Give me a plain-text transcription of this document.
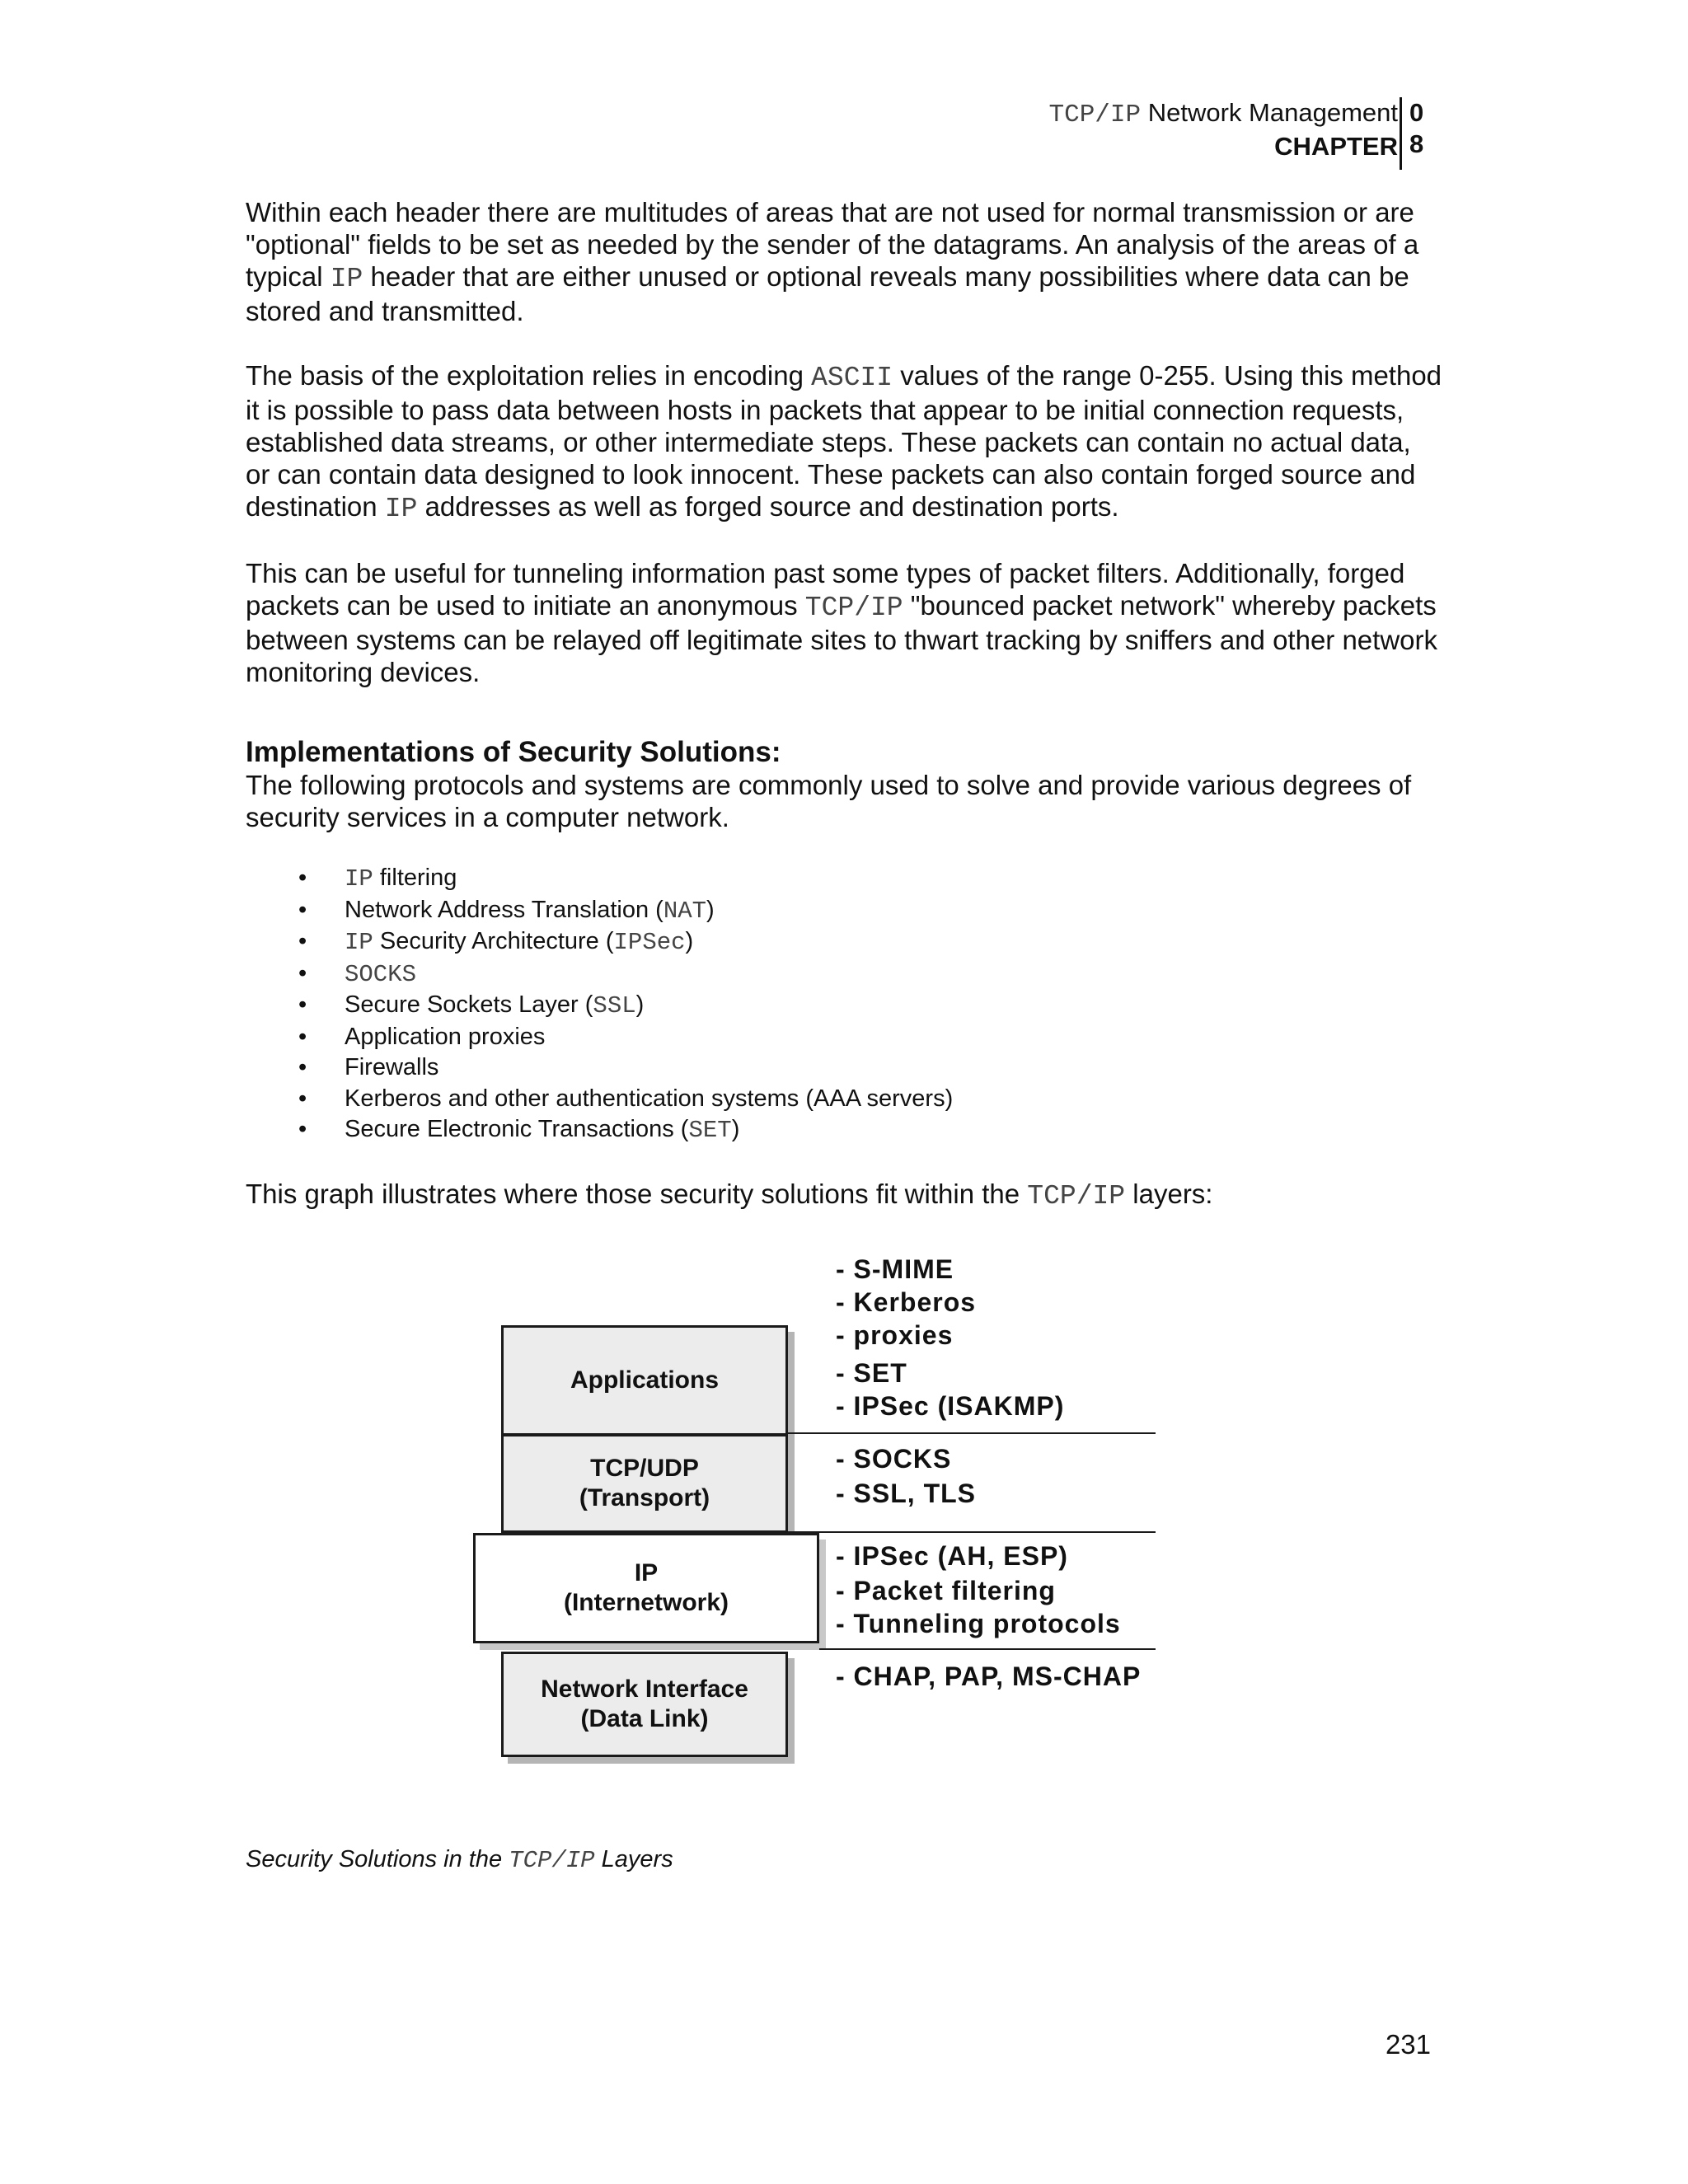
TCP/IP Network Management
CHAPTER
0
8

Within each header there are multitudes of areas that are not used for normal transmission or are "optional" fields to be set as needed by the sender of the datagrams. An analysis of the areas of a typical IP header that are either unused or optional reveals many possibilities where data can be stored and transmitted.

The basis of the exploitation relies in encoding ASCII values of the range 0-255. Using this method it is possible to pass data between hosts in packets that appear to be initial connection requests, established data streams, or other intermediate steps. These packets can contain no actual data, or can contain data designed to look innocent. These packets can also contain forged source and destination IP addresses as well as forged source and destination ports.

This can be useful for tunneling information past some types of packet filters. Additionally, forged packets can be used to initiate an anonymous TCP/IP "bounced packet network" whereby packets between systems can be relayed off legitimate sites to thwart tracking by sniffers and other network monitoring devices.

Implementations of Security Solutions:

The following protocols and systems are commonly used to solve and provide various degrees of security services in a computer network.

• IP filtering
• Network Address Translation (NAT)
• IP Security Architecture (IPSec)
• SOCKS
• Secure Sockets Layer (SSL)
• Application proxies
• Firewalls
• Kerberos and other authentication systems (AAA servers)
• Secure Electronic Transactions (SET)

This graph illustrates where those security solutions fit within the TCP/IP layers:

Applications
TCP/UDP
(Transport)
IP
(Internetwork)
Network Interface
(Data Link)
- S-MIME
- Kerberos
- proxies
- SET
- IPSec (ISAKMP)
- SOCKS
- SSL, TLS
- IPSec (AH, ESP)
- Packet filtering
- Tunneling protocols
- CHAP, PAP, MS-CHAP
Security Solutions in the TCP/IP Layers
231
